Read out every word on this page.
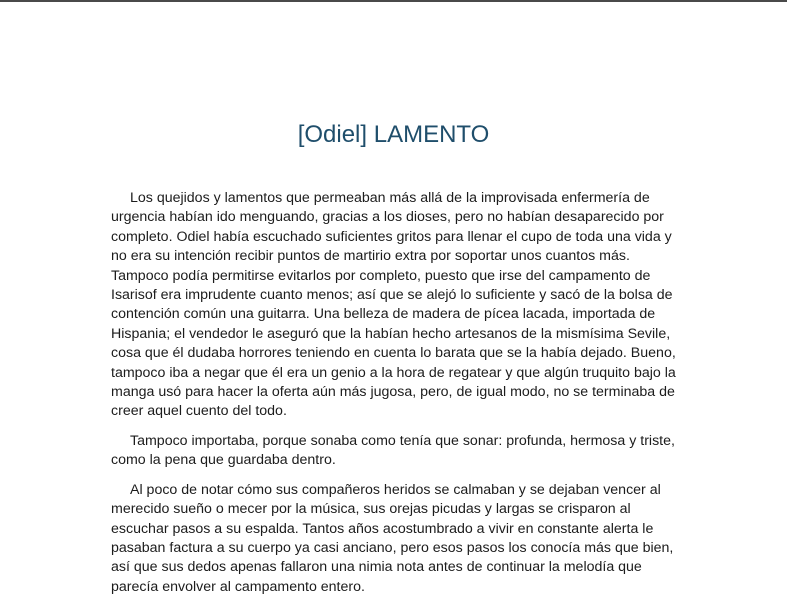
[Odiel] LAMENTO

Los quejidos y lamentos que permeaban más allá de la improvisada enfermería de urgencia habían ido menguando, gracias a los dioses, pero no habían desaparecido por completo. Odiel había escuchado suficientes gritos para llenar el cupo de toda una vida y no era su intención recibir puntos de martirio extra por soportar unos cuantos más. Tampoco podía permitirse evitarlos por completo, puesto que irse del campamento de Isarisof era imprudente cuanto menos; así que se alejó lo suficiente y sacó de la bolsa de contención común una guitarra. Una belleza de madera de pícea lacada, importada de Hispania; el vendedor le aseguró que la habían hecho artesanos de la mismísima Sevile, cosa que él dudaba horrores teniendo en cuenta lo barata que se la había dejado. Bueno, tampoco iba a negar que él era un genio a la hora de regatear y que algún truquito bajo la manga usó para hacer la oferta aún más jugosa, pero, de igual modo, no se terminaba de creer aquel cuento del todo.

Tampoco importaba, porque sonaba como tenía que sonar: profunda, hermosa y triste, como la pena que guardaba dentro.

Al poco de notar cómo sus compañeros heridos se calmaban y se dejaban vencer al merecido sueño o mecer por la música, sus orejas picudas y largas se crisparon al escuchar pasos a su espalda. Tantos años acostumbrado a vivir en constante alerta le pasaban factura a su cuerpo ya casi anciano, pero esos pasos los conocía más que bien, así que sus dedos apenas fallaron una nimia nota antes de continuar la melodía que parecía envolver al campamento entero.
